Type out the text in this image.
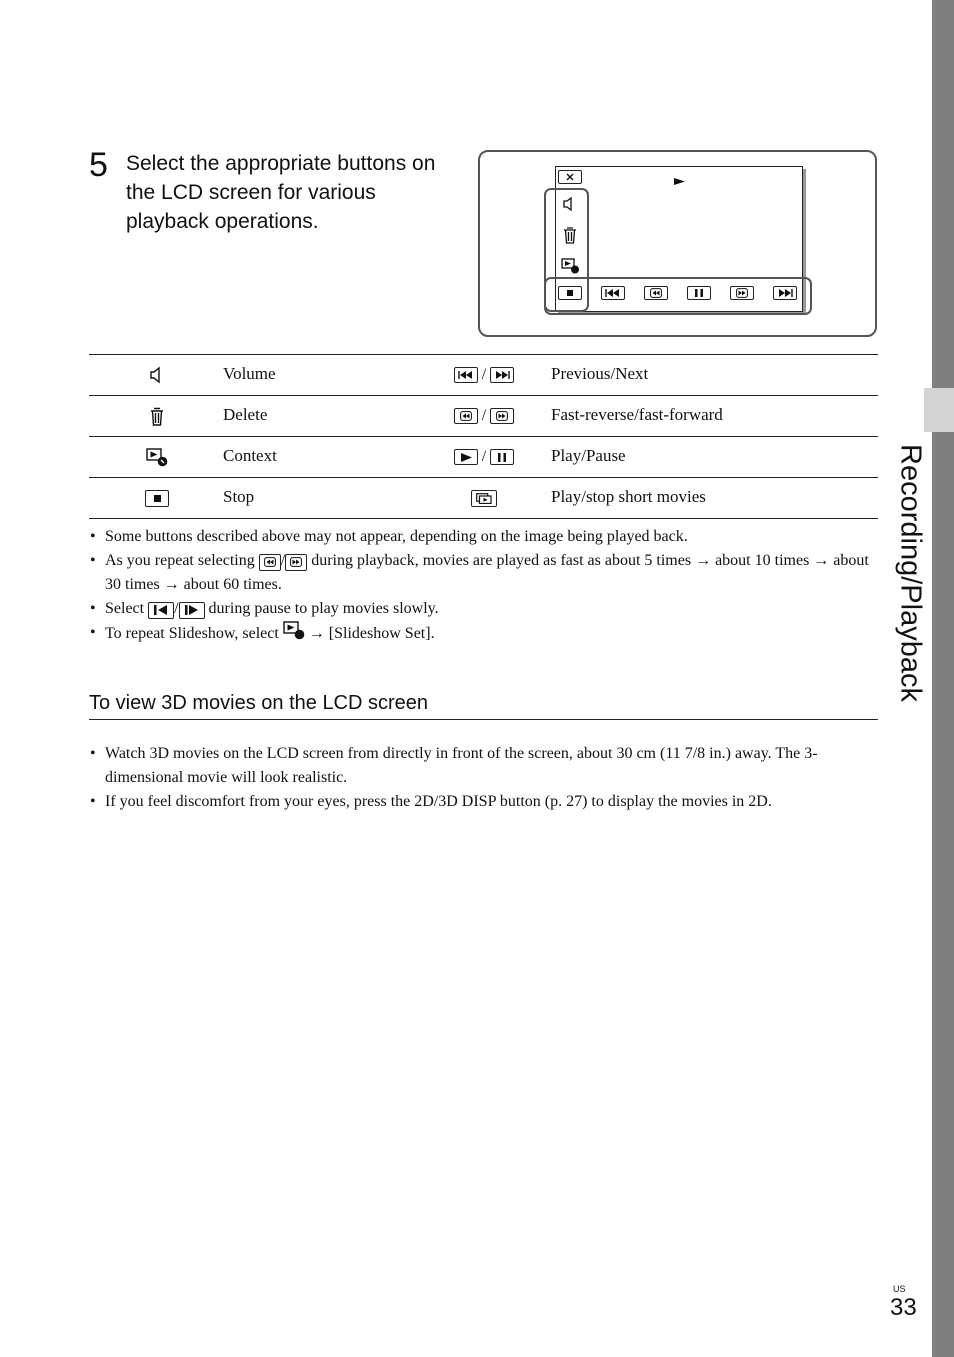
Recording/Playback
5 Select the appropriate buttons on the LCD screen for various playback operations.
Volume	/	Previous/Next
Delete	/	Fast-reverse/fast-forward
Context	/	Play/Pause
Stop	Play/stop short movies
• Some buttons described above may not appear, depending on the image being played back.
• As you repeat selecting / during playback, movies are played as fast as about 5 times → about 10 times → about 30 times → about 60 times.
• Select / during pause to play movies slowly.
• To repeat Slideshow, select → [Slideshow Set].
To view 3D movies on the LCD screen
• Watch 3D movies on the LCD screen from directly in front of the screen, about 30 cm (11 7/8 in.) away. The 3-dimensional movie will look realistic.
• If you feel discomfort from your eyes, press the 2D/3D DISP button (p. 27) to display the movies in 2D.
US
33
